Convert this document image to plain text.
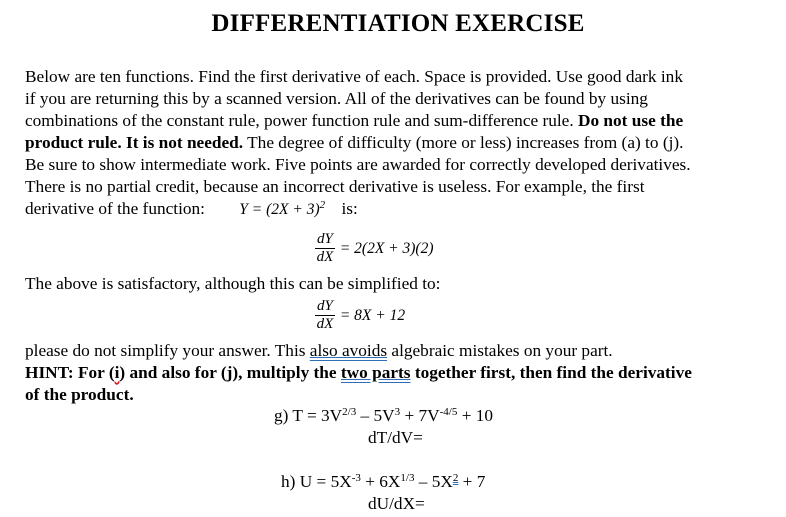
DIFFERENTIATION EXERCISE
Below are ten functions. Find the first derivative of each. Space is provided. Use good dark ink
if you are returning this by a scanned version. All of the derivatives can be found by using
combinations of the constant rule, power function rule and sum-difference rule. Do not use the
product rule. It is not needed. The degree of difficulty (more or less) increases from (a) to (j).
Be sure to show intermediate work. Five points are awarded for correctly developed derivatives.
There is no partial credit, because an incorrect derivative is useless. For example, the first
derivative of the function: $Y = (2X + 3)^2$ is:
$\frac{dY}{dX} = 2(2X + 3)(2)$
The above is satisfactory, although this can be simplified to:
$\frac{dY}{dX} = 8X + 12$
please do not simplify your answer. This also avoids algebraic mistakes on your part.
HINT: For (i) and also for (j), multiply the two parts together first, then find the derivative
of the product.
g) $T = 3V^{2/3} - 5V^3 + 7V^{-4/5} + 10$
dT/dV=
h) $U = 5X^{-3} + 6X^{1/3} - 5X^2 + 7$
dU/dX=
